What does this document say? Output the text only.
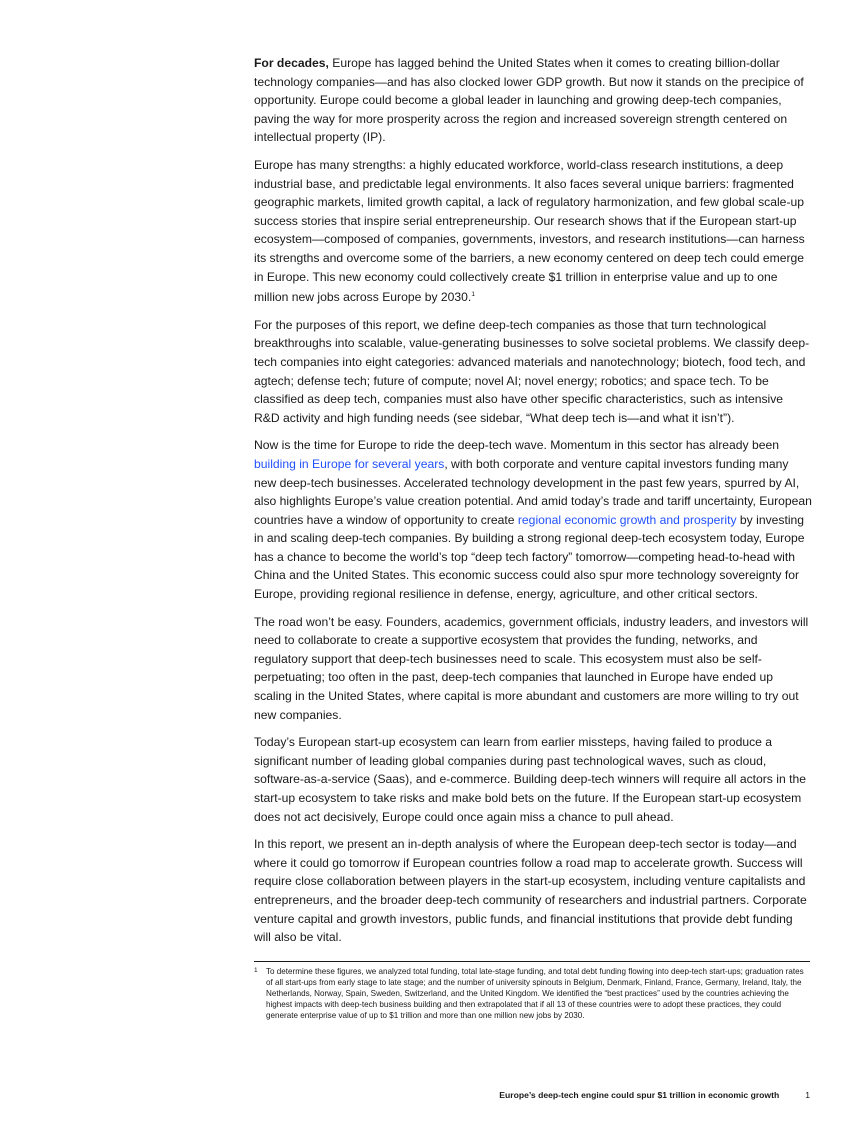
For decades, Europe has lagged behind the United States when it comes to creating billion-dollar technology companies—and has also clocked lower GDP growth. But now it stands on the precipice of opportunity. Europe could become a global leader in launching and growing deep-tech companies, paving the way for more prosperity across the region and increased sovereign strength centered on intellectual property (IP).

Europe has many strengths: a highly educated workforce, world-class research institutions, a deep industrial base, and predictable legal environments. It also faces several unique barriers: fragmented geographic markets, limited growth capital, a lack of regulatory harmonization, and few global scale-up success stories that inspire serial entrepreneurship. Our research shows that if the European start-up ecosystem—composed of companies, governments, investors, and research institutions—can harness its strengths and overcome some of the barriers, a new economy centered on deep tech could emerge in Europe. This new economy could collectively create $1 trillion in enterprise value and up to one million new jobs across Europe by 2030.$^1$

For the purposes of this report, we define deep-tech companies as those that turn technological breakthroughs into scalable, value-generating businesses to solve societal problems. We classify deep-tech companies into eight categories: advanced materials and nanotechnology; biotech, food tech, and agtech; defense tech; future of compute; novel AI; novel energy; robotics; and space tech. To be classified as deep tech, companies must also have other specific characteristics, such as intensive R&D activity and high funding needs (see sidebar, “What deep tech is—and what it isn’t”).

Now is the time for Europe to ride the deep-tech wave. Momentum in this sector has already been building in Europe for several years, with both corporate and venture capital investors funding many new deep-tech businesses. Accelerated technology development in the past few years, spurred by AI, also highlights Europe’s value creation potential. And amid today’s trade and tariff uncertainty, European countries have a window of opportunity to create regional economic growth and prosperity by investing in and scaling deep-tech companies. By building a strong regional deep-tech ecosystem today, Europe has a chance to become the world’s top “deep tech factory” tomorrow—competing head-to-head with China and the United States. This economic success could also spur more technology sovereignty for Europe, providing regional resilience in defense, energy, agriculture, and other critical sectors.

The road won’t be easy. Founders, academics, government officials, industry leaders, and investors will need to collaborate to create a supportive ecosystem that provides the funding, networks, and regulatory support that deep-tech businesses need to scale. This ecosystem must also be self-perpetuating; too often in the past, deep-tech companies that launched in Europe have ended up scaling in the United States, where capital is more abundant and customers are more willing to try out new companies.

Today’s European start-up ecosystem can learn from earlier missteps, having failed to produce a significant number of leading global companies during past technological waves, such as cloud, software-as-a-service (Saas), and e-commerce. Building deep-tech winners will require all actors in the start-up ecosystem to take risks and make bold bets on the future. If the European start-up ecosystem does not act decisively, Europe could once again miss a chance to pull ahead.

In this report, we present an in-depth analysis of where the European deep-tech sector is today—and where it could go tomorrow if European countries follow a road map to accelerate growth. Success will require close collaboration between players in the start-up ecosystem, including venture capitalists and entrepreneurs, and the broader deep-tech community of researchers and industrial partners. Corporate venture capital and growth investors, public funds, and financial institutions that provide debt funding will also be vital.

1	To determine these figures, we analyzed total funding, total late-stage funding, and total debt funding flowing into deep-tech start-ups; graduation rates of all start-ups from early stage to late stage; and the number of university spinouts in Belgium, Denmark, Finland, France, Germany, Ireland, Italy, the Netherlands, Norway, Spain, Sweden, Switzerland, and the United Kingdom. We identified the “best practices” used by the countries achieving the highest impacts with deep-tech business building and then extrapolated that if all 13 of these countries were to adopt these practices, they could generate enterprise value of up to $1 trillion and more than one million new jobs by 2030.
Europe’s deep-tech engine could spur $1 trillion in economic growth	1
